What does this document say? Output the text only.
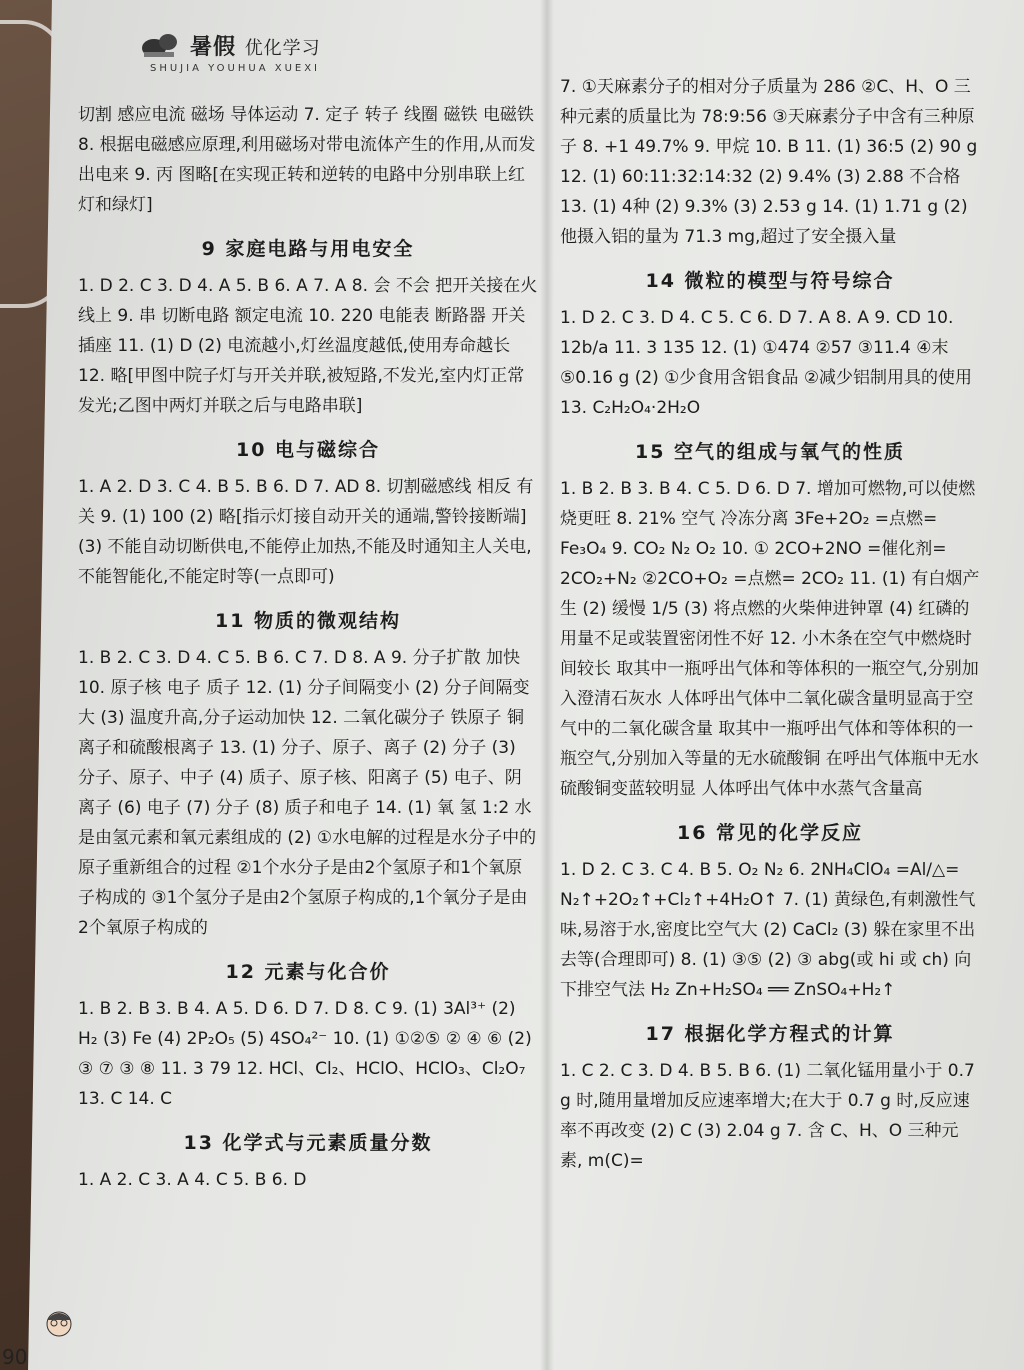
暑假 优化学习
SHUJIA YOUHUA XUEXI

切割 感应电流 磁场 导体运动 7. 定子 转子 线圈 磁铁 电磁铁 8. 根据电磁感应原理,利用磁场对带电流体产生的作用,从而发出电来 9. 丙 图略[在实现正转和逆转的电路中分别串联上红灯和绿灯]

9 家庭电路与用电安全

1. D 2. C 3. D 4. A 5. B 6. A 7. A 8. 会 不会 把开关接在火线上 9. 串 切断电路 额定电流 10. 220 电能表 断路器 开关 插座 11. (1) D (2) 电流越小,灯丝温度越低,使用寿命越长 12. 略[甲图中院子灯与开关并联,被短路,不发光,室内灯正常发光;乙图中两灯并联之后与电路串联]

10 电与磁综合

1. A 2. D 3. C 4. B 5. B 6. D 7. AD 8. 切割磁感线 相反 有关 9. (1) 100 (2) 略[指示灯接自动开关的通端,警铃接断端] (3) 不能自动切断供电,不能停止加热,不能及时通知主人关电,不能智能化,不能定时等(一点即可)

11 物质的微观结构

1. B 2. C 3. D 4. C 5. B 6. C 7. D 8. A 9. 分子扩散 加快 10. 原子核 电子 质子 12. (1) 分子间隔变小 (2) 分子间隔变大 (3) 温度升高,分子运动加快 12. 二氧化碳分子 铁原子 铜离子和硫酸根离子 13. (1) 分子、原子、离子 (2) 分子 (3) 分子、原子、中子 (4) 质子、原子核、阳离子 (5) 电子、阴离子 (6) 电子 (7) 分子 (8) 质子和电子 14. (1) 氧 氢 1:2 水是由氢元素和氧元素组成的 (2) ①水电解的过程是水分子中的原子重新组合的过程 ②1个水分子是由2个氢原子和1个氧原子构成的 ③1个氢分子是由2个氢原子构成的,1个氧分子是由2个氧原子构成的

12 元素与化合价

1. B 2. B 3. B 4. A 5. D 6. D 7. D 8. C 9. (1) 3Al³⁺ (2) H₂ (3) Fe (4) 2P₂O₅ (5) 4SO₄²⁻ 10. (1) ①②⑤ ② ④ ⑥ (2) ③ ⑦ ③ ⑧ 11. 3 79 12. HCl、Cl₂、HClO、HClO₃、Cl₂O₇ 13. C 14. C

13 化学式与元素质量分数

1. A 2. C 3. A 4. C 5. B 6. D

7. ①天麻素分子的相对分子质量为 286 ②C、H、O 三种元素的质量比为 78:9:56 ③天麻素分子中含有三种原子 8. +1 49.7% 9. 甲烷 10. B 11. (1) 36:5 (2) 90 g 12. (1) 60:11:32:14:32 (2) 9.4% (3) 2.88 不合格 13. (1) 4种 (2) 9.3% (3) 2.53 g 14. (1) 1.71 g (2) 他摄入铝的量为 71.3 mg,超过了安全摄入量

14 微粒的模型与符号综合

1. D 2. C 3. D 4. C 5. C 6. D 7. A 8. A 9. CD 10. 12b/a 11. 3 135 12. (1) ①474 ②57 ③11.4 ④末 ⑤0.16 g (2) ①少食用含铝食品 ②减少铝制用具的使用 13. C₂H₂O₄·2H₂O

15 空气的组成与氧气的性质

1. B 2. B 3. B 4. C 5. D 6. D 7. 增加可燃物,可以使燃烧更旺 8. 21% 空气 冷冻分离 3Fe+2O₂ =点燃= Fe₃O₄ 9. CO₂ N₂ O₂ 10. ① 2CO+2NO =催化剂= 2CO₂+N₂ ②2CO+O₂ =点燃= 2CO₂ 11. (1) 有白烟产生 (2) 缓慢 1/5 (3) 将点燃的火柴伸进钟罩 (4) 红磷的用量不足或装置密闭性不好 12. 小木条在空气中燃烧时间较长 取其中一瓶呼出气体和等体积的一瓶空气,分别加入澄清石灰水 人体呼出气体中二氧化碳含量明显高于空气中的二氧化碳含量 取其中一瓶呼出气体和等体积的一瓶空气,分别加入等量的无水硫酸铜 在呼出气体瓶中无水硫酸铜变蓝较明显 人体呼出气体中水蒸气含量高

16 常见的化学反应

1. D 2. C 3. C 4. B 5. O₂ N₂ 6. 2NH₄ClO₄ =Al/△= N₂↑+2O₂↑+Cl₂↑+4H₂O↑ 7. (1) 黄绿色,有刺激性气味,易溶于水,密度比空气大 (2) CaCl₂ (3) 躲在家里不出去等(合理即可) 8. (1) ③⑤ (2) ③ abg(或 hi 或 ch) 向下排空气法 H₂ Zn+H₂SO₄ ══ ZnSO₄+H₂↑

17 根据化学方程式的计算

1. C 2. C 3. D 4. B 5. B 6. (1) 二氧化锰用量小于 0.7 g 时,随用量增加反应速率增大;在大于 0.7 g 时,反应速率不再改变 (2) C (3) 2.04 g 7. 含 C、H、O 三种元素, m(C)=

90
